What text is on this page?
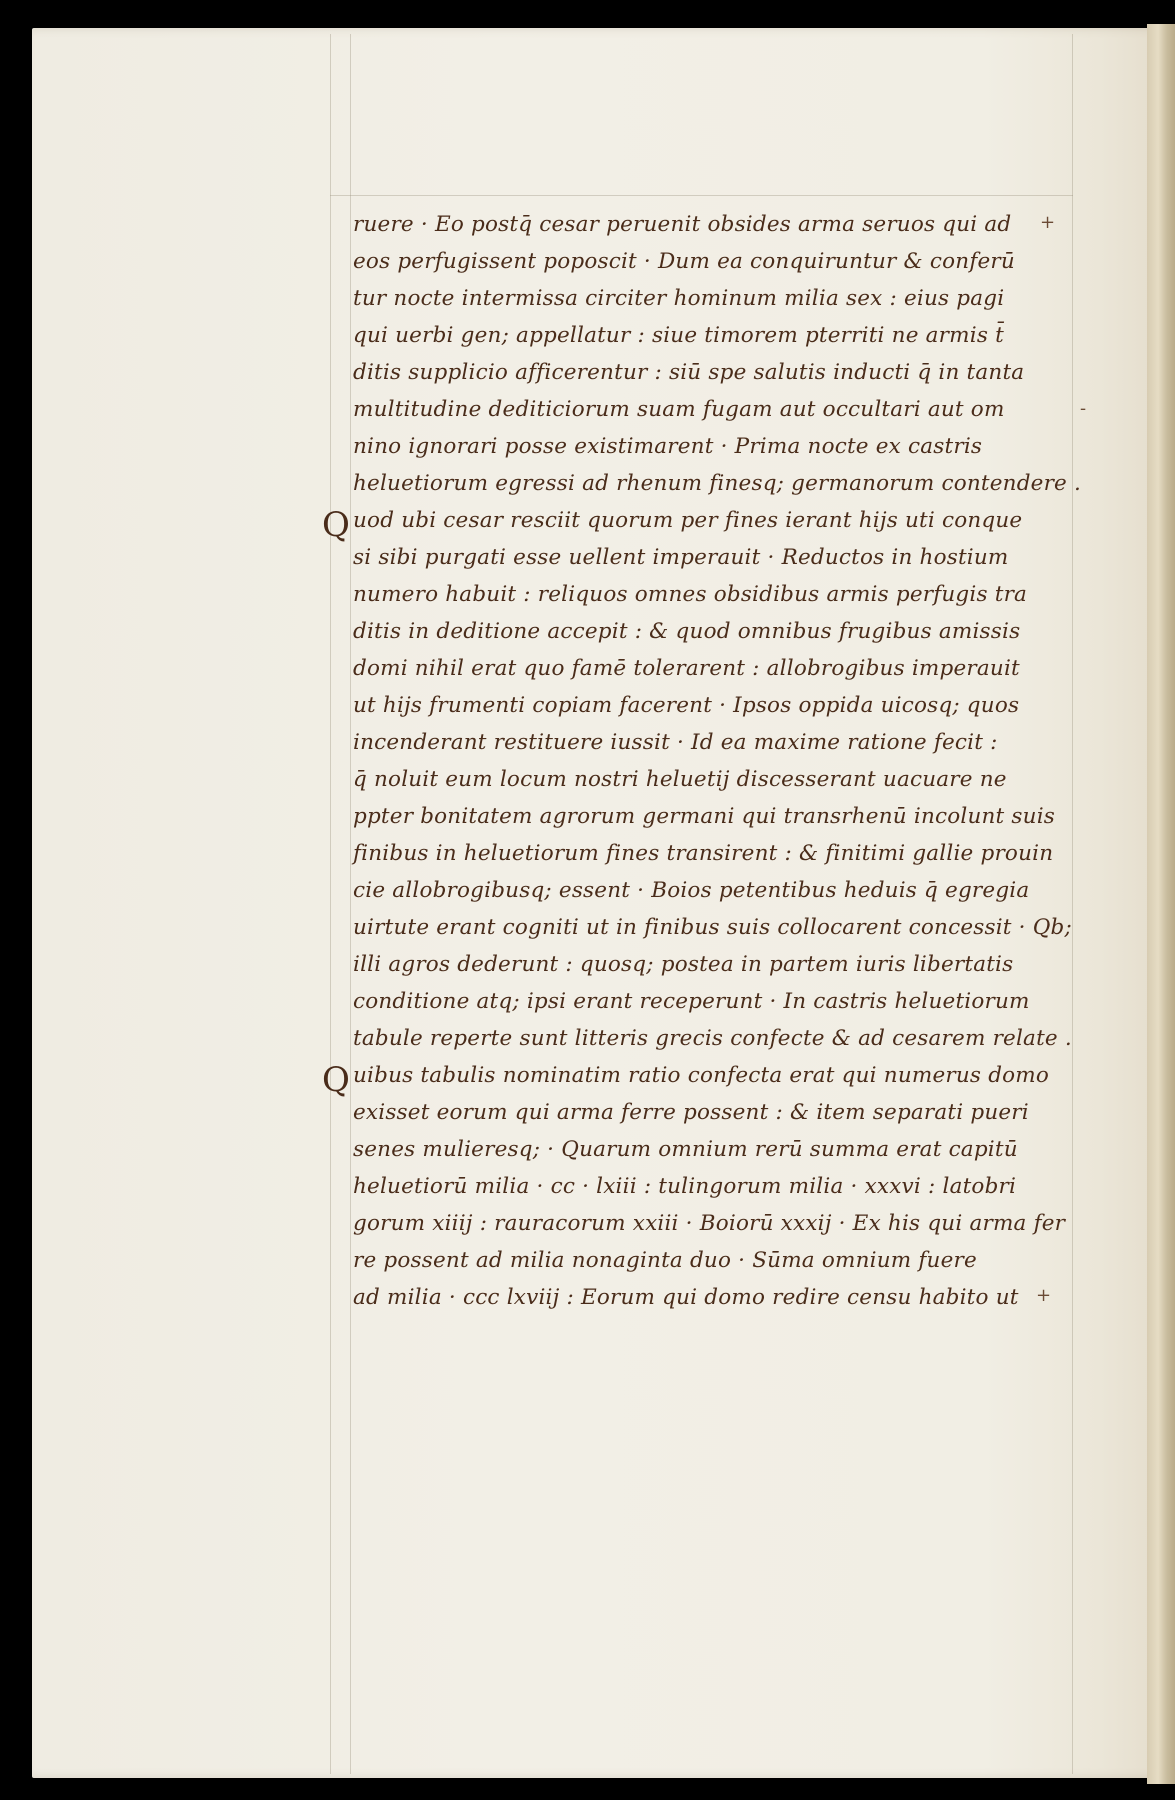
ruere · Eo postq̄ cesar peruenit obsides arma seruos qui ad
eos perfugissent poposcit · Dum ea conquiruntur & conferū
tur nocte intermissa circiter hominum milia sex : eius pagi
qui uerbi gen; appellatur : siue timorem pterriti ne armis t̄
ditis supplicio afficerentur : siū spe salutis inducti q̄ in tanta
multitudine dediticiorum suam fugam aut occultari aut om
nino ignorari posse existimarent · Prima nocte ex castris
heluetiorum egressi ad rhenum finesq; germanorum contendere .
uod ubi cesar resciit quorum per fines ierant hijs uti conque
si sibi purgati esse uellent imperauit · Reductos in hostium
numero habuit : reliquos omnes obsidibus armis perfugis tra
ditis in deditione accepit : & quod omnibus frugibus amissis
domi nihil erat quo famē tolerarent : allobrogibus imperauit
ut hijs frumenti copiam facerent · Ipsos oppida uicosq; quos
incenderant restituere iussit · Id ea maxime ratione fecit :
q̄ noluit eum locum nostri heluetij discesserant uacuare ne
ppter bonitatem agrorum germani qui transrhenū incolunt suis
finibus in heluetiorum fines transirent : & finitimi gallie prouin
cie allobrogibusq; essent · Boios petentibus heduis q̄ egregia
uirtute erant cogniti ut in finibus suis collocarent concessit · Qb;
illi agros dederunt : quosq; postea in partem iuris libertatis
conditione atq; ipsi erant receperunt · In castris heluetiorum
tabule reperte sunt litteris grecis confecte & ad cesarem relate .
uibus tabulis nominatim ratio confecta erat qui numerus domo
exisset eorum qui arma ferre possent : & item separati pueri
senes mulieresq; · Quarum omnium rerū summa erat capitū
heluetiorū milia · cc · lxiii : tulingorum milia · xxxvi : latobri
gorum xiiij : rauracorum xxiii · Boiorū xxxij · Ex his qui arma fer
re possent ad milia nonaginta duo · Sūma omnium fuere
ad milia · ccc lxviij : Eorum qui domo redire censu habito ut
Q
Q
+
-
+
